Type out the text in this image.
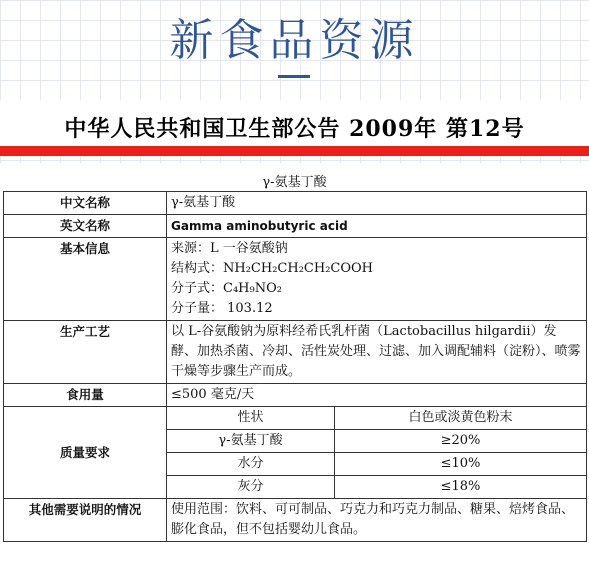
新食品资源
中华人民共和国卫生部公告 2009年 第12号
γ-氨基丁酸
中文名称	γ-氨基丁酸	
英文名称	Gamma aminobutyric acid	
基本信息	来源：L 一谷氨酸钠
结构式：NH₂CH₂CH₂CH₂COOH
分子式：C₄H₉NO₂
分子量： 103.12	

生产工艺	以 L-谷氨酸钠为原料经希氏乳杆菌（Lactobacillus hilgardii）发酵、加热杀菌、冷却、活性炭处理、过滤、加入调配辅料（淀粉）、喷雾干燥等步骤生产而成。	
食用量	≤500 毫克/天	
质量要求	性状	白色或淡黄色粉末
	γ-氨基丁酸	≥20%
	水分	≤10%
	灰分	≤18%
其他需要说明的情况	使用范围：饮料、可可制品、巧克力和巧克力制品、糖果、焙烤食品、膨化食品，但不包括婴幼儿食品。	
